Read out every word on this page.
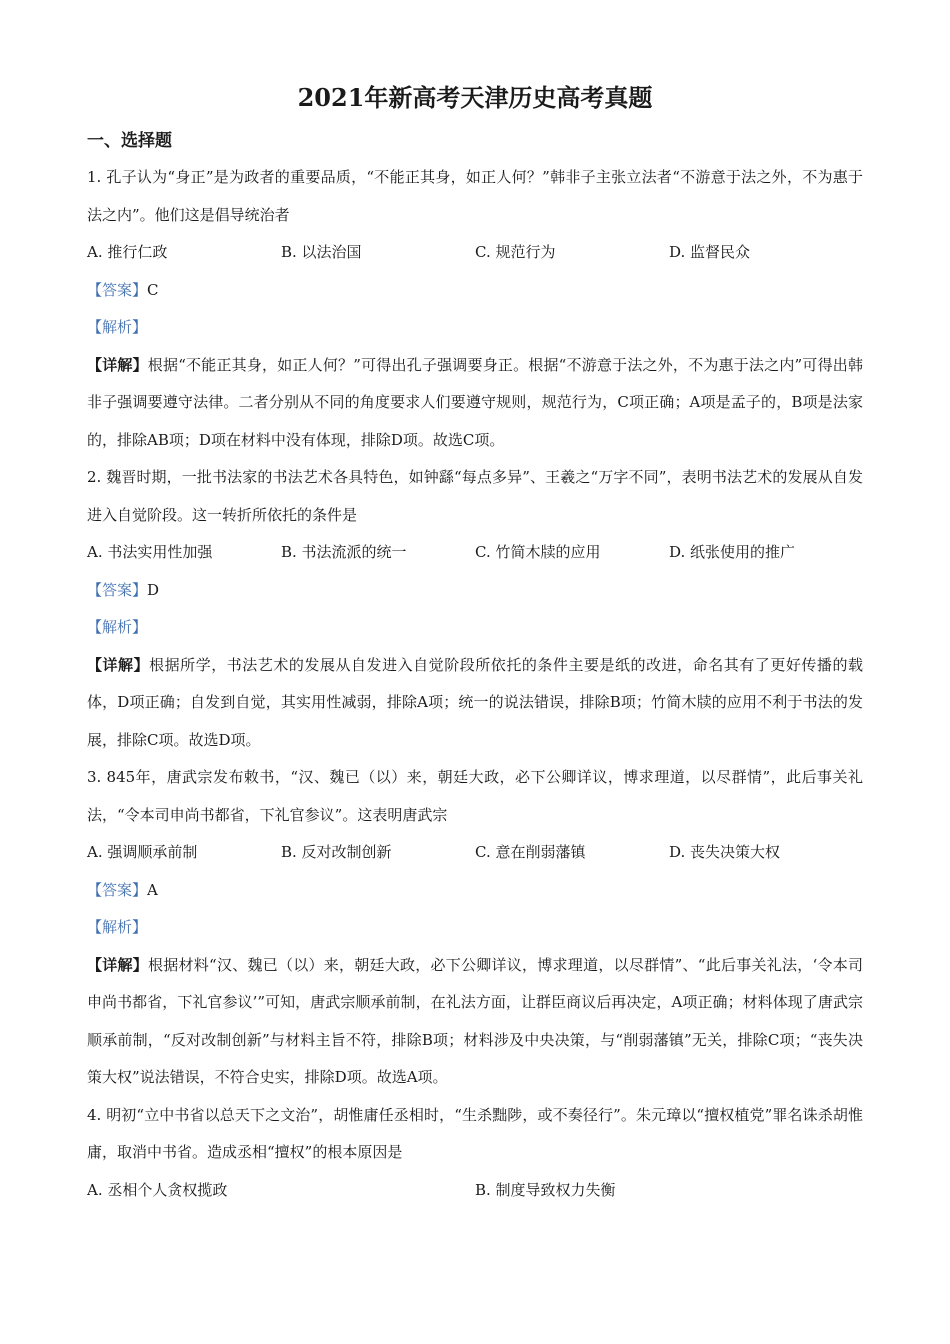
2021年新高考天津历史高考真题
一、选择题

1. 孔子认为“身正”是为政者的重要品质，“不能正其身，如正人何？”韩非子主张立法者“不游意于法之外，不为惠于法之内”。他们这是倡导统治者

A. 推行仁政	B. 以法治国	C. 规范行为	D. 监督民众
【答案】C
【解析】

【详解】根据“不能正其身，如正人何？”可得出孔子强调要身正。根据“不游意于法之外，不为惠于法之内”可得出韩非子强调要遵守法律。二者分别从不同的角度要求人们要遵守规则，规范行为，C项正确；A项是孟子的，B项是法家的，排除AB项；D项在材料中没有体现，排除D项。故选C项。

2. 魏晋时期，一批书法家的书法艺术各具特色，如钟繇“每点多异”、王羲之“万字不同”，表明书法艺术的发展从自发进入自觉阶段。这一转折所依托的条件是

A. 书法实用性加强	B. 书法流派的统一	C. 竹简木牍的应用	D. 纸张使用的推广
【答案】D
【解析】

【详解】根据所学，书法艺术的发展从自发进入自觉阶段所依托的条件主要是纸的改进，命名其有了更好传播的载体，D项正确；自发到自觉，其实用性减弱，排除A项；统一的说法错误，排除B项；竹简木牍的应用不利于书法的发展，排除C项。故选D项。

3. 845年，唐武宗发布敕书，“汉、魏已（以）来，朝廷大政，必下公卿详议，博求理道，以尽群情”，此后事关礼法，“令本司申尚书都省，下礼官参议”。这表明唐武宗

A. 强调顺承前制	B. 反对改制创新	C. 意在削弱藩镇	D. 丧失决策大权
【答案】A
【解析】

【详解】根据材料“汉、魏已（以）来，朝廷大政，必下公卿详议，博求理道，以尽群情”、“此后事关礼法，‘令本司申尚书都省，下礼官参议’”可知，唐武宗顺承前制，在礼法方面，让群臣商议后再决定，A项正确；材料体现了唐武宗顺承前制，“反对改制创新”与材料主旨不符，排除B项；材料涉及中央决策，与“削弱藩镇”无关，排除C项；“丧失决策大权”说法错误，不符合史实，排除D项。故选A项。

4. 明初“立中书省以总天下之文治”，胡惟庸任丞相时，“生杀黜陟，或不奏径行”。朱元璋以“擅权植党”罪名诛杀胡惟庸，取消中书省。造成丞相“擅权”的根本原因是

A. 丞相个人贪权揽政	B. 制度导致权力失衡
